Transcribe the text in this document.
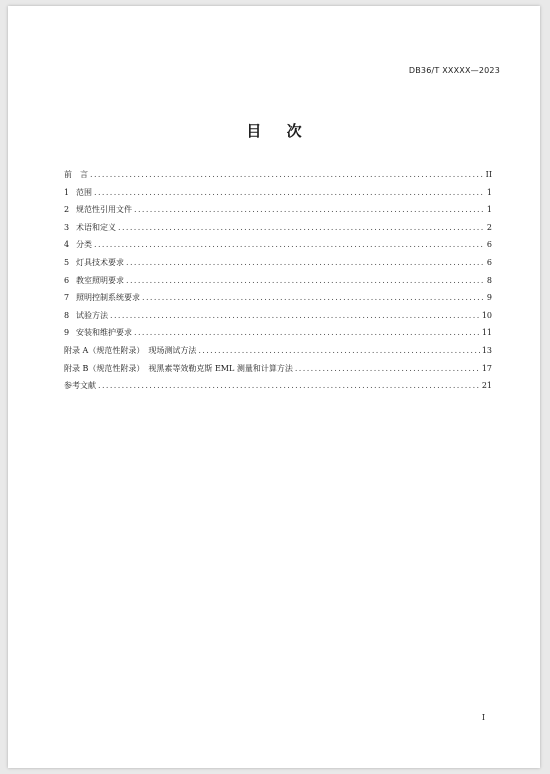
DB36/T XXXXX—2023
目 次
前　言 .....	II
1 范围 .....	1
2 规范性引用文件 .....	1
3 术语和定义 .....	2
4 分类 .....	6
5 灯具技术要求 .....	6
6 教室照明要求 .....	8
7 照明控制系统要求 .....	9
8 试验方法 .....	10
9 安装和维护要求 .....	11
附录 A（规范性附录）　现场测试方法 .....	13
附录 B（规范性附录）　视黑素等效勒克斯 EML 测量和计算方法 .....	17
参考文献 .....	21
I
